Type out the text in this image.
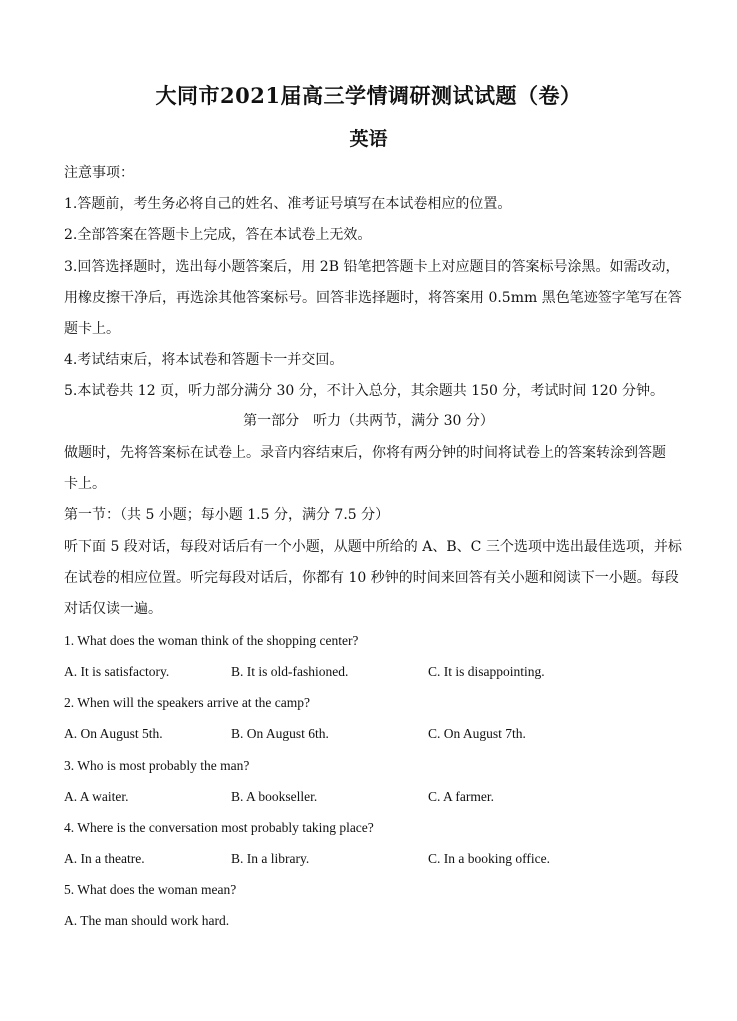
大同市2021届高三学情调研测试试题（卷）
英语
注意事项：
1.答题前，考生务必将自己的姓名、准考证号填写在本试卷相应的位置。
2.全部答案在答题卡上完成，答在本试卷上无效。
3.回答选择题时，选出每小题答案后，用 2B 铅笔把答题卡上对应题目的答案标号涂黑。如需改动，
用橡皮擦干净后，再选涂其他答案标号。回答非选择题时，将答案用 0.5mm 黑色笔迹签字笔写在答
题卡上。
4.考试结束后，将本试卷和答题卡一并交回。
5.本试卷共 12 页，听力部分满分 30 分，不计入总分，其余题共 150 分，考试时间 120 分钟。
第一部分　听力（共两节，满分 30 分）
做题时，先将答案标在试卷上。录音内容结束后，你将有两分钟的时间将试卷上的答案转涂到答题
卡上。
第一节：（共 5 小题；每小题 1.5 分，满分 7.5 分）
听下面 5 段对话，每段对话后有一个小题，从题中所给的 A、B、C 三个选项中选出最佳选项，并标
在试卷的相应位置。听完每段对话后，你都有 10 秒钟的时间来回答有关小题和阅读下一小题。每段
对话仅读一遍。
1. What does the woman think of the shopping center?
A. It is satisfactory.	B. It is old-fashioned.	C. It is disappointing.
2. When will the speakers arrive at the camp?
A. On August 5th.	B. On August 6th.	C. On August 7th.
3. Who is most probably the man?
A. A waiter.	B. A bookseller.	C. A farmer.
4. Where is the conversation most probably taking place?
A. In a theatre.	B. In a library.	C. In a booking office.
5. What does the woman mean?
A. The man should work hard.
